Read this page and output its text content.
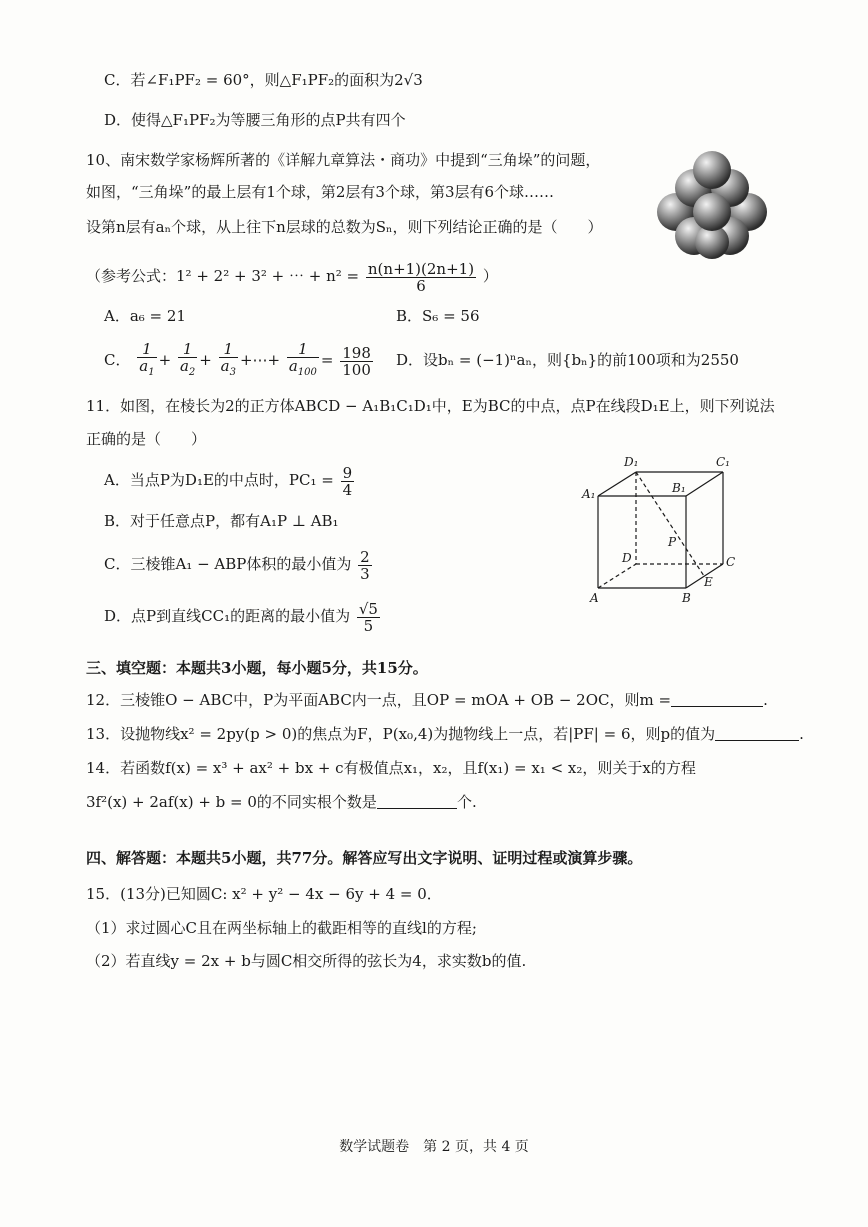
C．若∠F₁PF₂ = 60°，则△F₁PF₂的面积为2√3
D．使得△F₁PF₂为等腰三角形的点P共有四个
10、南宋数学家杨辉所著的《详解九章算法・商功》中提到“三角垛”的问题，
如图，“三角垛”的最上层有1个球，第2层有3个球，第3层有6个球……
设第n层有aₙ个球，从上往下n层球的总数为Sₙ，则下列结论正确的是（　　）
（参考公式：1² + 2² + 3² + ⋯ + $n^2 = \frac{n(n+1)(2n+1)}{6}$ ）
A．a₆ = 21	B．S₆ = 56
C． $\frac{1}{a_1} + \frac{1}{a_2} + \frac{1}{a_3}$ +⋯+ $\frac{1}{a_{100}} = \frac{198}{100}$ D．设bₙ = (−1)ⁿaₙ，则{bₙ}的前100项和为2550
11．如图，在棱长为2的正方体ABCD − A₁B₁C₁D₁中，E为BC的中点，点P在线段D₁E上，则下列说法
正确的是（　　）
A．当点P为D₁E的中点时，$PC_1 = \frac{9}{4}$
B．对于任意点P，都有A₁P ⊥ AB₁
C．三棱锥A₁ − ABP体积的最小值为 $\frac{2}{3}$
D．点P到直线CC₁的距离的最小值为 $\frac{√5}{5}$
D₁	C₁
A₁	B₁
P
D	C
E
A	B
三、填空题：本题共3小题，每小题5分，共15分。
12．三棱锥O − ABC中，P为平面ABC内一点，且OP = mOA + OB − 2OC，则m =	.
13．设抛物线x² = 2py(p > 0)的焦点为F，P(x₀,4)为抛物线上一点，若|PF| = 6，则p的值为	.
14．若函数f(x) = x³ + ax² + bx + c有极值点x₁，x₂，且f(x₁) = x₁ < x₂，则关于x的方程
3f²(x) + 2af(x) + b = 0的不同实根个数是	个.
四、解答题：本题共5小题，共77分。解答应写出文字说明、证明过程或演算步骤。
15．(13分)已知圆C: x² + y² − 4x − 6y + 4 = 0．
（1）求过圆心C且在两坐标轴上的截距相等的直线l的方程;
（2）若直线y = 2x + b与圆C相交所得的弦长为4，求实数b的值.
数学试题卷　第 2 页，共 4 页
